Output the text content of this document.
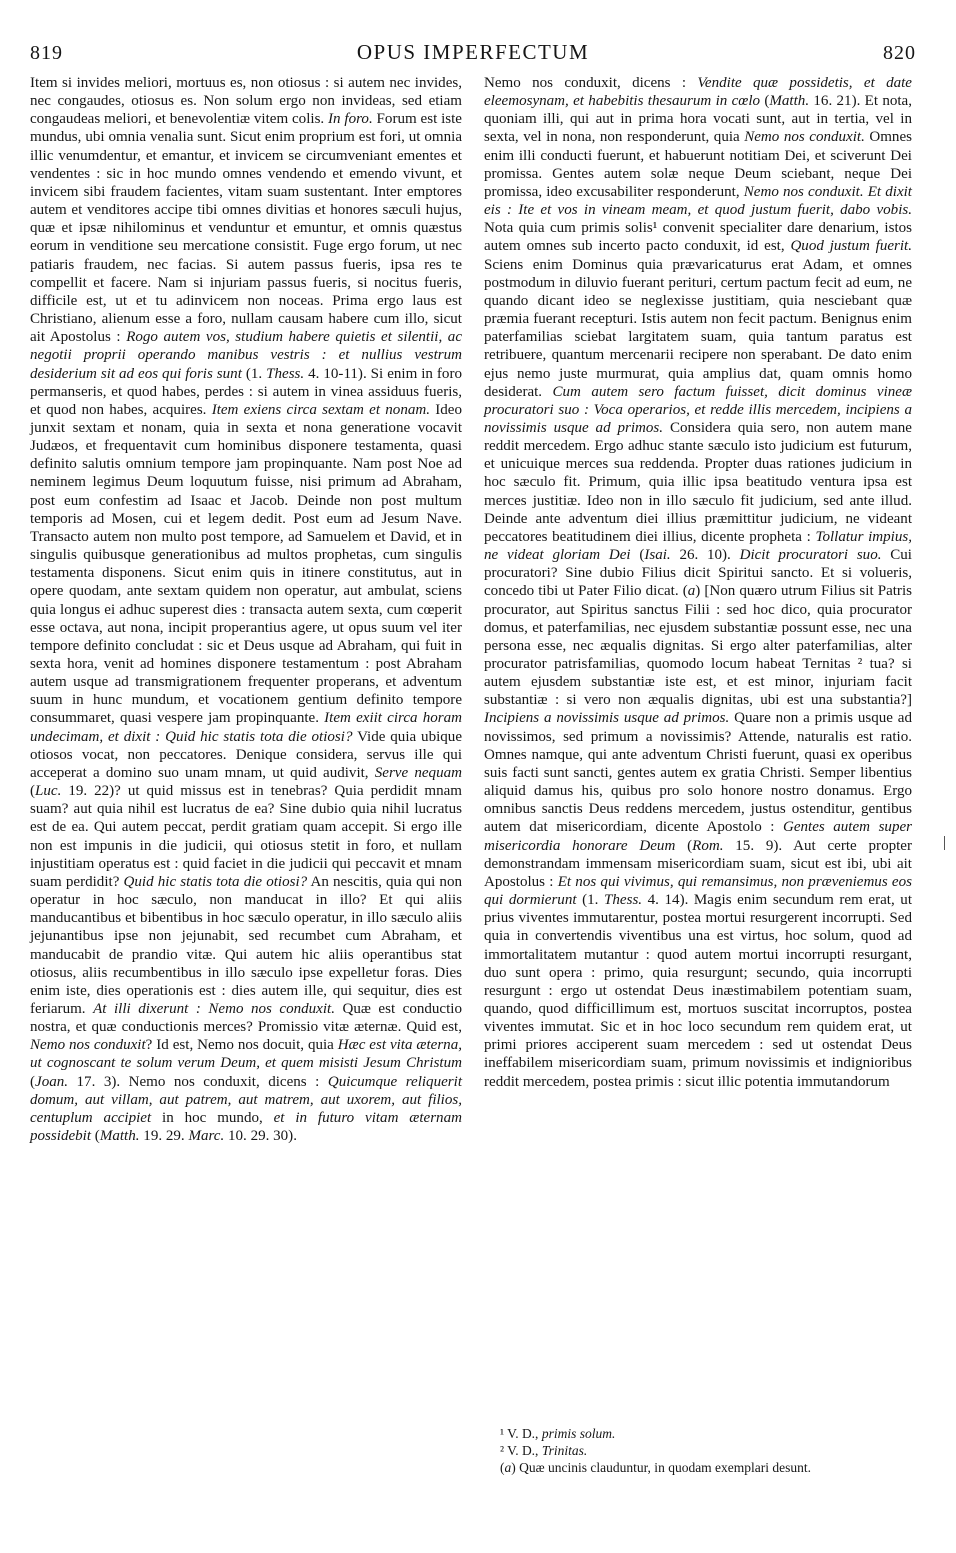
819	OPUS IMPERFECTUM	820

Item si invides meliori, mortuus es, non otiosus : si autem nec invides, nec congaudes, otiosus es. Non solum ergo non invideas, sed etiam congaudeas meliori, et benevolentiæ vitem colis. In foro. Forum est iste mundus, ubi omnia venalia sunt. Sicut enim proprium est fori, ut omnia illic venumdentur, et emantur, et invicem se circumveniant ementes et vendentes : sic in hoc mundo omnes vendendo et emendo vivunt, et invicem sibi fraudem facientes, vitam suam sustentant. Inter emptores autem et venditores accipe tibi omnes divitias et honores sæculi hujus, quæ et ipsæ nihilominus et venduntur et emuntur, et omnis quæstus eorum in venditione seu mercatione consistit. Fuge ergo forum, ut nec patiaris fraudem, nec facias. Si autem passus fueris, ipsa res te compellit et facere. Nam si injuriam passus fueris, si nocitus fueris, difficile est, ut et tu adinvicem non noceas. Prima ergo laus est Christiano, alienum esse a foro, nullam causam habere cum illo, sicut ait Apostolus : Rogo autem vos, studium habere quietis et silentii, ac negotii proprii operando manibus vestris : et nullius vestrum desiderium sit ad eos qui foris sunt (1. Thess. 4. 10-11). Si enim in foro permanseris, et quod habes, perdes : si autem in vinea assiduus fueris, et quod non habes, acquires. Item exiens circa sextam et nonam. Ideo junxit sextam et nonam, quia in sexta et nona generatione vocavit Judæos, et frequentavit cum hominibus disponere testamenta, quasi definito salutis omnium tempore jam propinquante. Nam post Noe ad neminem legimus Deum loquutum fuisse, nisi primum ad Abraham, post eum confestim ad Isaac et Jacob. Deinde non post multum temporis ad Mosen, cui et legem dedit. Post eum ad Jesum Nave. Transacto autem non multo post tempore, ad Samuelem et David, et in singulis quibusque generationibus ad multos prophetas, cum singulis testamenta disponens. Sicut enim quis in itinere constitutus, aut in opere quodam, ante sextam quidem non operatur, aut ambulat, sciens quia longus ei adhuc superest dies : transacta autem sexta, cum cœperit esse octava, aut nona, incipit properantius agere, ut opus suum vel iter tempore definito concludat : sic et Deus usque ad Abraham, qui fuit in sexta hora, venit ad homines disponere testamentum : post Abraham autem usque ad transmigrationem frequenter properans, et adventum suum in hunc mundum, et vocationem gentium definito tempore consummaret, quasi vespere jam propinquante. Item exiit circa horam undecimam, et dixit : Quid hic statis tota die otiosi? Vide quia ubique otiosos vocat, non peccatores. Denique considera, servus ille qui acceperat a domino suo unam mnam, ut quid audivit, Serve nequam (Luc. 19. 22)? ut quid missus est in tenebras? Quia perdidit mnam suam? aut quia nihil est lucratus de ea? Sine dubio quia nihil lucratus est de ea. Qui autem peccat, perdit gratiam quam accepit. Si ergo ille non est impunis in die judicii, qui otiosus stetit in foro, et nullam injustitiam operatus est : quid faciet in die judicii qui peccavit et mnam suam perdidit? Quid hic statis tota die otiosi? An nescitis, quia qui non operatur in hoc sæculo, non manducat in illo? Et qui aliis manducantibus et bibentibus in hoc sæculo operatur, in illo sæculo aliis jejunantibus ipse non jejunabit, sed recumbet cum Abraham, et manducabit de prandio vitæ. Qui autem hic aliis operantibus stat otiosus, aliis recumbentibus in illo sæculo ipse expelletur foras. Dies enim iste, dies operationis est : dies autem ille, qui sequitur, dies est feriarum. At illi dixerunt : Nemo nos conduxit. Quæ est conductio nostra, et quæ conductionis merces? Promissio vitæ æternæ. Quid est, Nemo nos conduxit? Id est, Nemo nos docuit, quia Hæc est vita æterna, ut cognoscant te solum verum Deum, et quem misisti Jesum Christum (Joan. 17. 3). Nemo nos conduxit, dicens : Quicumque reliquerit domum, aut villam, aut patrem, aut matrem, aut uxorem, aut filios, centuplum accipiet in hoc mundo, et in futuro vitam æternam possidebit (Matth. 19. 29. Marc. 10. 29. 30).

Nemo nos conduxit, dicens : Vendite quæ possidetis, et date eleemosynam, et habebitis thesaurum in cœlo (Matth. 16. 21). Et nota, quoniam illi, qui aut in prima hora vocati sunt, aut in tertia, vel in sexta, vel in nona, non responderunt, quia Nemo nos conduxit. Omnes enim illi conducti fuerunt, et habuerunt notitiam Dei, et sciverunt Dei promissa. Gentes autem solæ neque Deum sciebant, neque Dei promissa, ideo excusabiliter responderunt, Nemo nos conduxit. Et dixit eis : Ite et vos in vineam meam, et quod justum fuerit, dabo vobis. Nota quia cum primis solis¹ convenit specialiter dare denarium, istos autem omnes sub incerto pacto conduxit, id est, Quod justum fuerit. Sciens enim Dominus quia prævaricaturus erat Adam, et omnes postmodum in diluvio fuerant perituri, certum pactum fecit ad eum, ne quando dicant ideo se neglexisse justitiam, quia nesciebant quæ præmia fuerant recepturi. Istis autem non fecit pactum. Benignus enim paterfamilias sciebat largitatem suam, quia tantum paratus est retribuere, quantum mercenarii recipere non sperabant. De dato enim ejus nemo juste murmurat, quia amplius dat, quam omnis homo desiderat. Cum autem sero factum fuisset, dicit dominus vineæ procuratori suo : Voca operarios, et redde illis mercedem, incipiens a novissimis usque ad primos. Considera quia sero, non autem mane reddit mercedem. Ergo adhuc stante sæculo isto judicium est futurum, et unicuique merces sua reddenda. Propter duas rationes judicium in hoc sæculo fit. Primum, quia illic ipsa beatitudo ventura ipsa est merces justitiæ. Ideo non in illo sæculo fit judicium, sed ante illud. Deinde ante adventum diei illius præmittitur judicium, ne videant peccatores beatitudinem diei illius, dicente propheta : Tollatur impius, ne videat gloriam Dei (Isai. 26. 10). Dicit procuratori suo. Cui procuratori? Sine dubio Filius dicit Spiritui sancto. Et si volueris, concedo tibi ut Pater Filio dicat. (a) [Non quæro utrum Filius sit Patris procurator, aut Spiritus sanctus Filii : sed hoc dico, quia procurator domus, et paterfamilias, nec ejusdem substantiæ possunt esse, nec una persona esse, nec æqualis dignitas. Si ergo alter paterfamilias, alter procurator patrisfamilias, quomodo locum habeat Ternitas ² tua? si autem ejusdem substantiæ iste est, et est minor, injuriam facit substantiæ : si vero non æqualis dignitas, ubi est una substantia?] Incipiens a novissimis usque ad primos. Quare non a primis usque ad novissimos, sed primum a novissimis? Attende, naturalis est ratio. Omnes namque, qui ante adventum Christi fuerunt, quasi ex operibus suis facti sunt sancti, gentes autem ex gratia Christi. Semper libentius aliquid damus his, quibus pro solo honore nostro donamus. Ergo omnibus sanctis Deus reddens mercedem, justus ostenditur, gentibus autem dat misericordiam, dicente Apostolo : Gentes autem super misericordia honorare Deum (Rom. 15. 9). Aut certe propter demonstrandam immensam misericordiam suam, sicut est ibi, ubi ait Apostolus : Et nos qui vivimus, qui remansimus, non præveniemus eos qui dormierunt (1. Thess. 4. 14). Magis enim secundum rem erat, ut prius viventes immutarentur, postea mortui resurgerent incorrupti. Sed quia in convertendis viventibus una est virtus, hoc solum, quod ad immortalitatem mutantur : quod autem mortui incorrupti resurgant, duo sunt opera : primo, quia resurgunt; secundo, quia incorrupti resurgunt : ergo ut ostendat Deus inæstimabilem potentiam suam, quando, quod difficillimum est, mortuos suscitat incorruptos, postea viventes immutat. Sic et in hoc loco secundum rem quidem erat, ut primi priores acciperent suam mercedem : sed ut ostendat Deus ineffabilem misericordiam suam, primum novissimis et indignioribus reddit mercedem, postea primis : sicut illic potentia immutandorum

¹ V. D., primis solum.

² V. D., Trinitas.

(a) Quæ uncinis clauduntur, in quodam exemplari desunt.
